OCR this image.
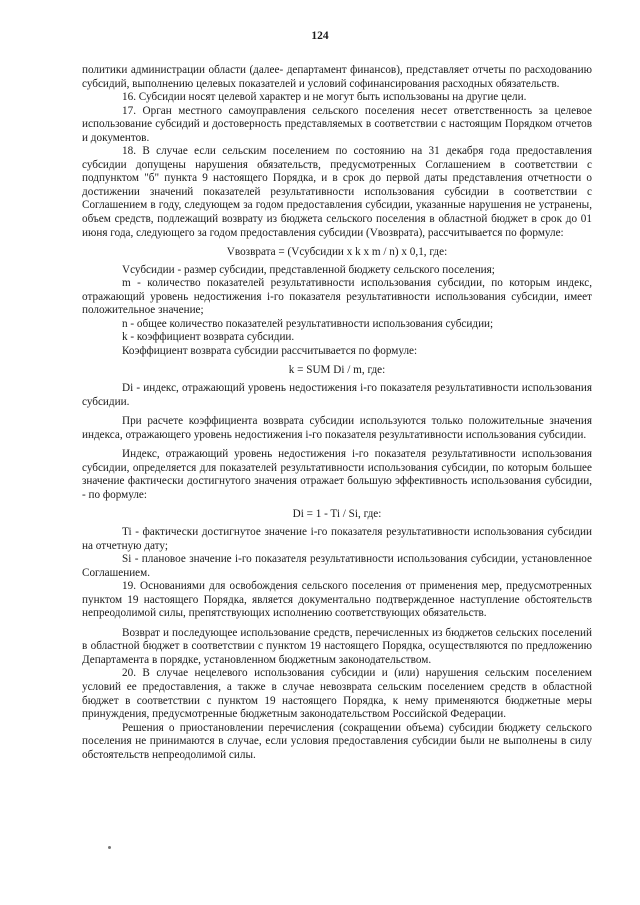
124

политики администрации области (далее- департамент финансов), представляет отчеты по расходованию субсидий, выполнению целевых показателей и условий софинансирования расходных обязательств.

16. Субсидии носят целевой характер и не могут быть использованы на другие цели.

17. Орган местного самоуправления сельского поселения несет ответственность за целевое использование субсидий и достоверность представляемых в соответствии с настоящим Порядком отчетов и документов.

18. В случае если сельским поселением по состоянию на 31 декабря года предоставления субсидии допущены нарушения обязательств, предусмотренных Соглашением в соответствии с подпунктом "б" пункта 9 настоящего Порядка, и в срок до первой даты представления отчетности о достижении значений показателей результативности использования субсидии в соответствии с Соглашением в году, следующем за годом предоставления субсидии, указанные нарушения не устранены, объем средств, подлежащий возврату из бюджета сельского поселения в областной бюджет в срок до 01 июня года, следующего за годом предоставления субсидии (Vвозврата), рассчитывается по формуле:

Vвозврата = (Vсубсидии x k x m / n) x 0,1, где:

Vсубсидии - размер субсидии, представленной бюджету сельского поселения;

m - количество показателей результативности использования субсидии, по которым индекс, отражающий уровень недостижения i-го показателя результативности использования субсидии, имеет положительное значение;

n - общее количество показателей результативности использования субсидии;

k - коэффициент возврата субсидии.

Коэффициент возврата субсидии рассчитывается по формуле:

k = SUM Di / m, где:

Di - индекс, отражающий уровень недостижения i-го показателя результативности использования субсидии.

При расчете коэффициента возврата субсидии используются только положительные значения индекса, отражающего уровень недостижения i-го показателя результативности использования субсидии.

Индекс, отражающий уровень недостижения i-го показателя результативности использования субсидии, определяется для показателей результативности использования субсидии, по которым большее значение фактически достигнутого значения отражает большую эффективность использования субсидии, - по формуле:

Di = 1 - Ti / Si, где:

Ti - фактически достигнутое значение i-го показателя результативности использования субсидии на отчетную дату;

Si - плановое значение i-го показателя результативности использования субсидии, установленное Соглашением.

19. Основаниями для освобождения сельского поселения от применения мер, предусмотренных пунктом 19 настоящего Порядка, является документально подтвержденное наступление обстоятельств непреодолимой силы, препятствующих исполнению соответствующих обязательств.

Возврат и последующее использование средств, перечисленных из бюджетов сельских поселений в областной бюджет в соответствии с пунктом 19 настоящего Порядка, осуществляются по предложению Департамента в порядке, установленном бюджетным законодательством.

20. В случае нецелевого использования субсидии и (или) нарушения сельским поселением условий ее предоставления, а также в случае невозврата сельским поселением средств в областной бюджет в соответствии с пунктом 19 настоящего Порядка, к нему применяются бюджетные меры принуждения, предусмотренные бюджетным законодательством Российской Федерации.

Решения о приостановлении перечисления (сокращении объема) субсидии бюджету сельского поселения не принимаются в случае, если условия предоставления субсидии были не выполнены в силу обстоятельств непреодолимой силы.
